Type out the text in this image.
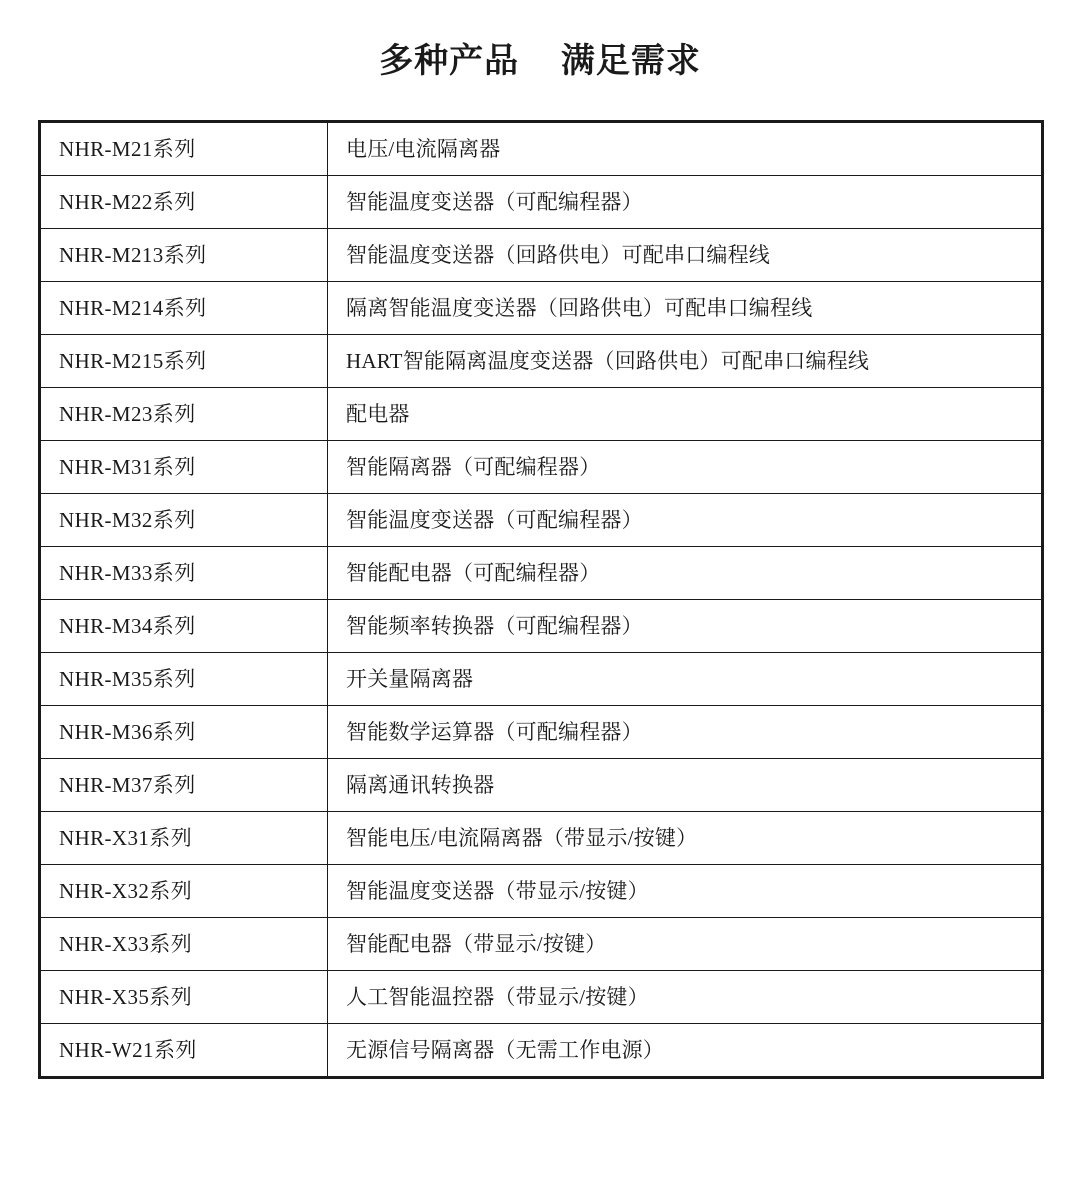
多种产品    满足需求
NHR-M21系列	电压/电流隔离器
NHR-M22系列	智能温度变送器（可配编程器）
NHR-M213系列	智能温度变送器（回路供电）可配串口编程线
NHR-M214系列	隔离智能温度变送器（回路供电）可配串口编程线
NHR-M215系列	HART智能隔离温度变送器（回路供电）可配串口编程线
NHR-M23系列	配电器
NHR-M31系列	智能隔离器（可配编程器）
NHR-M32系列	智能温度变送器（可配编程器）
NHR-M33系列	智能配电器（可配编程器）
NHR-M34系列	智能频率转换器（可配编程器）
NHR-M35系列	开关量隔离器
NHR-M36系列	智能数学运算器（可配编程器）
NHR-M37系列	隔离通讯转换器
NHR-X31系列	智能电压/电流隔离器（带显示/按键）
NHR-X32系列	智能温度变送器（带显示/按键）
NHR-X33系列	智能配电器（带显示/按键）
NHR-X35系列	人工智能温控器（带显示/按键）
NHR-W21系列	无源信号隔离器（无需工作电源）
